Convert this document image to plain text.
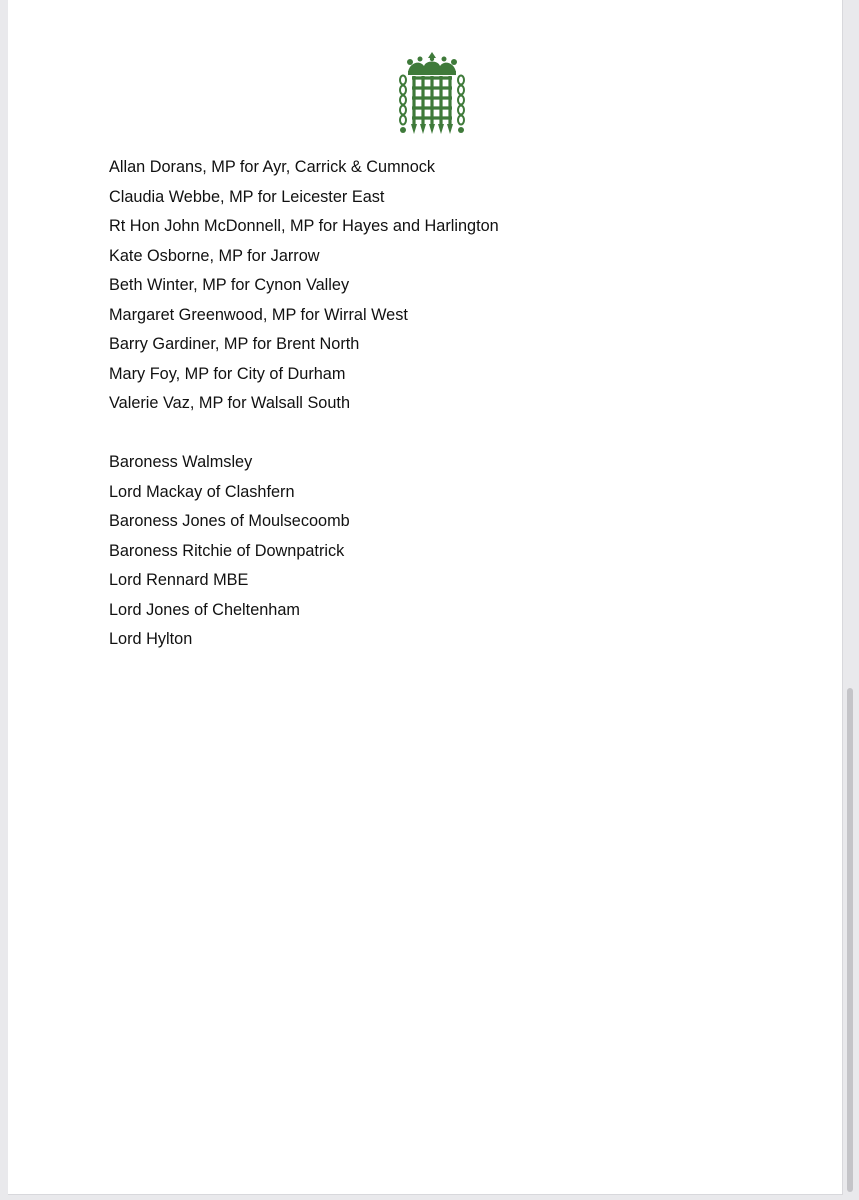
Allan Dorans, MP for Ayr, Carrick & Cumnock
Claudia Webbe, MP for Leicester East
Rt Hon John McDonnell, MP for Hayes and Harlington
Kate Osborne, MP for Jarrow
Beth Winter, MP for Cynon Valley
Margaret Greenwood, MP for Wirral West
Barry Gardiner, MP for Brent North
Mary Foy, MP for City of Durham
Valerie Vaz, MP for Walsall South
Baroness Walmsley
Lord Mackay of Clashfern
Baroness Jones of Moulsecoomb
Baroness Ritchie of Downpatrick
Lord Rennard MBE
Lord Jones of Cheltenham
Lord Hylton
